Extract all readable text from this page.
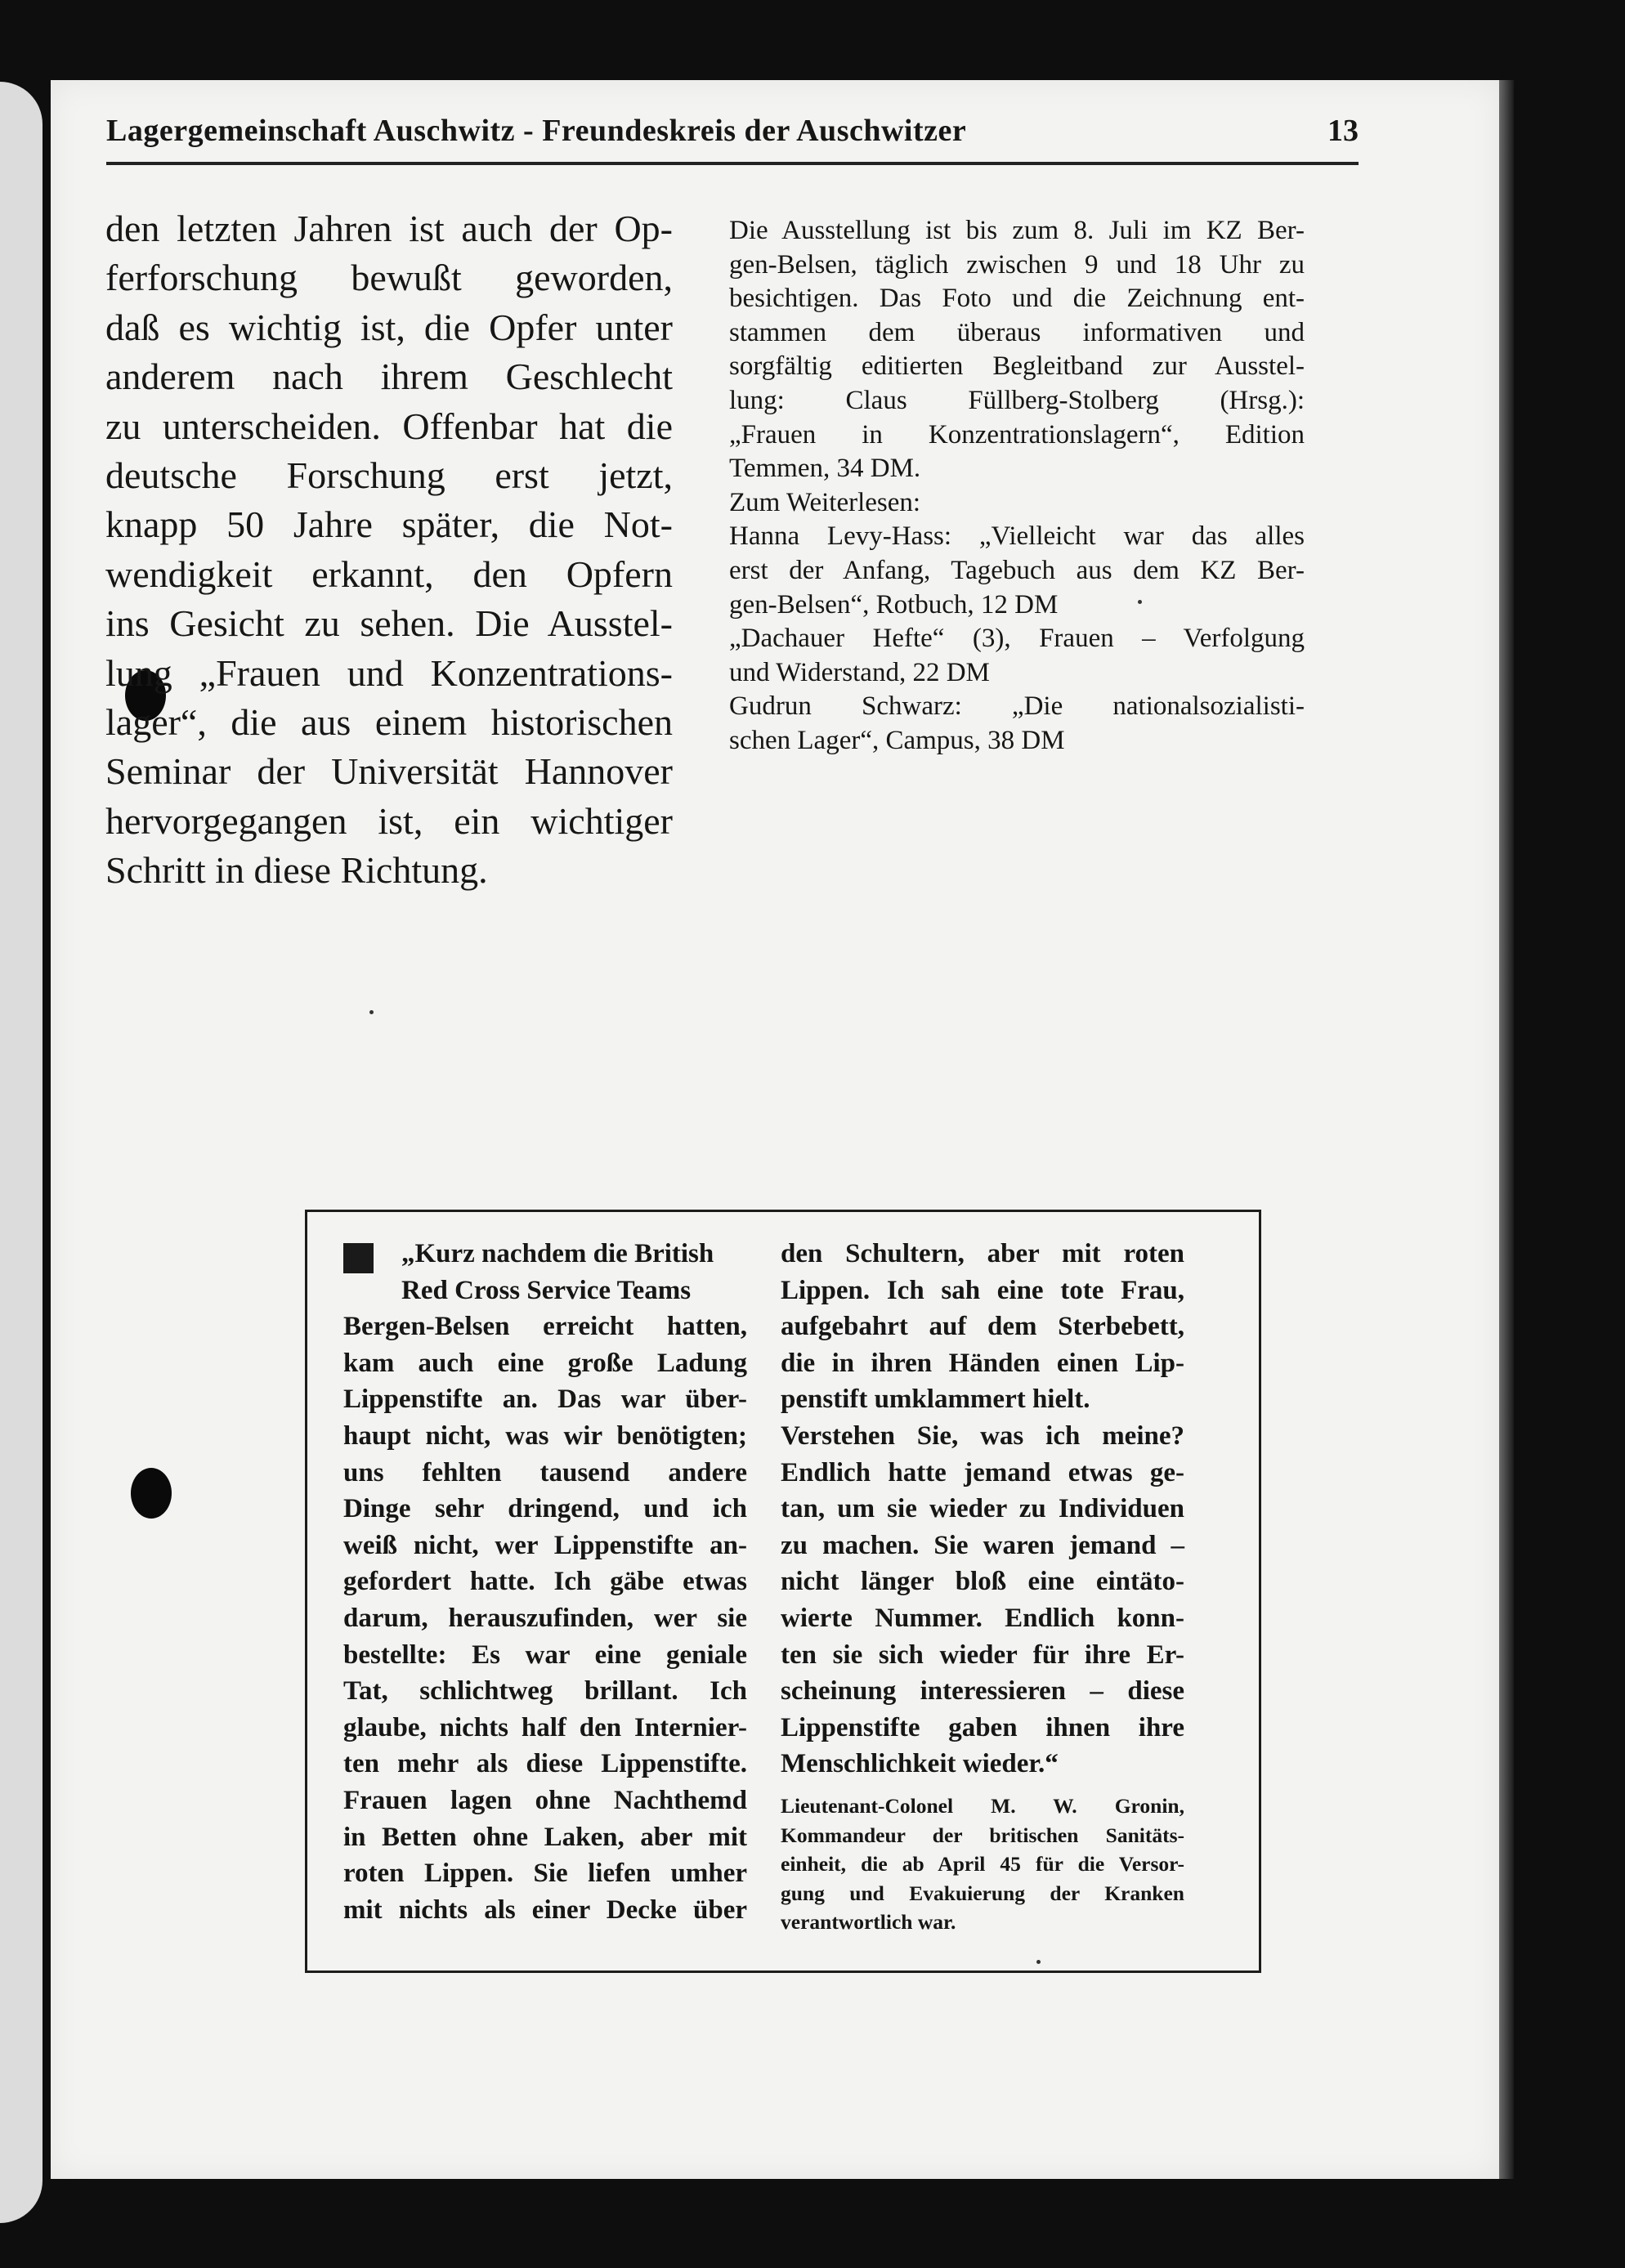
Lagergemeinschaft Auschwitz - Freundeskreis der Auschwitzer	13
den letzten Jahren ist auch der Op-
ferforschung bewußt geworden,
daß es wichtig ist, die Opfer unter
anderem nach ihrem Geschlecht
zu unterscheiden. Offenbar hat die
deutsche Forschung erst jetzt,
knapp 50 Jahre später, die Not-
wendigkeit erkannt, den Opfern
ins Gesicht zu sehen. Die Ausstel-
lung „Frauen und Konzentrations-
lager“, die aus einem historischen
Seminar der Universität Hannover
hervorgegangen ist, ein wichtiger
Schritt in diese Richtung.
Die Ausstellung ist bis zum 8. Juli im KZ Ber-
gen-Belsen, täglich zwischen 9 und 18 Uhr zu
besichtigen. Das Foto und die Zeichnung ent-
stammen dem überaus informativen und
sorgfältig editierten Begleitband zur Ausstel-
lung: Claus Füllberg-Stolberg (Hrsg.):
„Frauen in Konzentrationslagern“, Edition
Temmen, 34 DM.
Zum Weiterlesen:
Hanna Levy-Hass: „Vielleicht war das alles
erst der Anfang, Tagebuch aus dem KZ Ber-
gen-Belsen“, Rotbuch, 12 DM
„Dachauer Hefte“ (3), Frauen – Verfolgung
und Widerstand, 22 DM
Gudrun Schwarz: „Die nationalsozialisti-
schen Lager“, Campus, 38 DM
„Kurz nachdem die British
Red Cross Service Teams
Bergen-Belsen erreicht hatten,
kam auch eine große Ladung
Lippenstifte an. Das war über-
haupt nicht, was wir benötigten;
uns fehlten tausend andere
Dinge sehr dringend, und ich
weiß nicht, wer Lippenstifte an-
gefordert hatte. Ich gäbe etwas
darum, herauszufinden, wer sie
bestellte: Es war eine geniale
Tat, schlichtweg brillant. Ich
glaube, nichts half den Internier-
ten mehr als diese Lippenstifte.
Frauen lagen ohne Nachthemd
in Betten ohne Laken, aber mit
roten Lippen. Sie liefen umher
mit nichts als einer Decke über
den Schultern, aber mit roten
Lippen. Ich sah eine tote Frau,
aufgebahrt auf dem Sterbebett,
die in ihren Händen einen Lip-
penstift umklammert hielt.
Verstehen Sie, was ich meine?
Endlich hatte jemand etwas ge-
tan, um sie wieder zu Individuen
zu machen. Sie waren jemand –
nicht länger bloß eine eintäto-
wierte Nummer. Endlich konn-
ten sie sich wieder für ihre Er-
scheinung interessieren – diese
Lippenstifte gaben ihnen ihre
Menschlichkeit wieder.“
Lieutenant-Colonel M. W. Gronin,
Kommandeur der britischen Sanitäts-
einheit, die ab April 45 für die Versor-
gung und Evakuierung der Kranken
verantwortlich war.
